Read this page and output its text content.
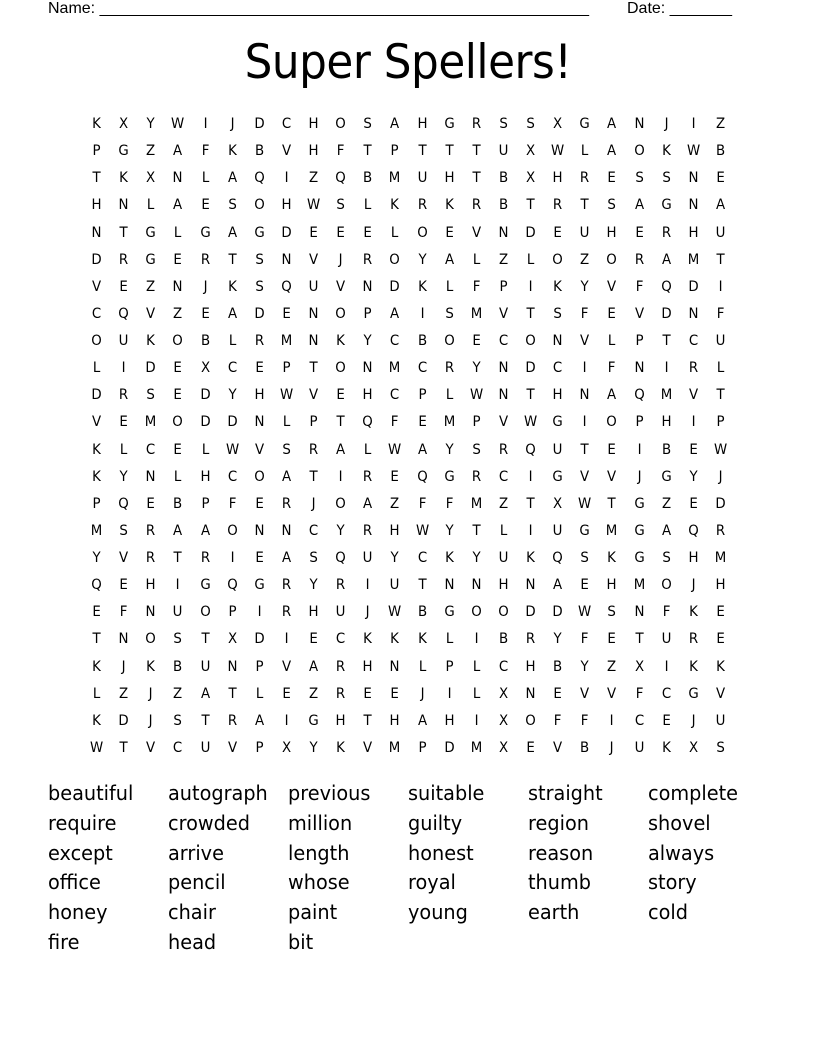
Name: _______________________________________________________

Date: _______

Super Spellers!
K	X	Y	W	I	J	D	C	H	O	S	A	H	G	R	S	S	X	G	A	N	J	I	Z
P	G	Z	A	F	K	B	V	H	F	T	P	T	T	T	U	X	W	L	A	O	K	W	B
T	K	X	N	L	A	Q	I	Z	Q	B	M	U	H	T	B	X	H	R	E	S	S	N	E
H	N	L	A	E	S	O	H	W	S	L	K	R	K	R	B	T	R	T	S	A	G	N	A
N	T	G	L	G	A	G	D	E	E	E	L	O	E	V	N	D	E	U	H	E	R	H	U
D	R	G	E	R	T	S	N	V	J	R	O	Y	A	L	Z	L	O	Z	O	R	A	M	T
V	E	Z	N	J	K	S	Q	U	V	N	D	K	L	F	P	I	K	Y	V	F	Q	D	I
C	Q	V	Z	E	A	D	E	N	O	P	A	I	S	M	V	T	S	F	E	V	D	N	F
O	U	K	O	B	L	R	M	N	K	Y	C	B	O	E	C	O	N	V	L	P	T	C	U
L	I	D	E	X	C	E	P	T	O	N	M	C	R	Y	N	D	C	I	F	N	I	R	L
D	R	S	E	D	Y	H	W	V	E	H	C	P	L	W	N	T	H	N	A	Q	M	V	T
V	E	M	O	D	D	N	L	P	T	Q	F	E	M	P	V	W	G	I	O	P	H	I	P
K	L	C	E	L	W	V	S	R	A	L	W	A	Y	S	R	Q	U	T	E	I	B	E	W
K	Y	N	L	H	C	O	A	T	I	R	E	Q	G	R	C	I	G	V	V	J	G	Y	J
P	Q	E	B	P	F	E	R	J	O	A	Z	F	F	M	Z	T	X	W	T	G	Z	E	D
M	S	R	A	A	O	N	N	C	Y	R	H	W	Y	T	L	I	U	G	M	G	A	Q	R
Y	V	R	T	R	I	E	A	S	Q	U	Y	C	K	Y	U	K	Q	S	K	G	S	H	M
Q	E	H	I	G	Q	G	R	Y	R	I	U	T	N	N	H	N	A	E	H	M	O	J	H
E	F	N	U	O	P	I	R	H	U	J	W	B	G	O	O	D	D	W	S	N	F	K	E
T	N	O	S	T	X	D	I	E	C	K	K	K	L	I	B	R	Y	F	E	T	U	R	E
K	J	K	B	U	N	P	V	A	R	H	N	L	P	L	C	H	B	Y	Z	X	I	K	K
L	Z	J	Z	A	T	L	E	Z	R	E	E	J	I	L	X	N	E	V	V	F	C	G	V
K	D	J	S	T	R	A	I	G	H	T	H	A	H	I	X	O	F	F	I	C	E	J	U
W	T	V	C	U	V	P	X	Y	K	V	M	P	D	M	X	E	V	B	J	U	K	X	S
beautiful	autograph previous	suitable	straight	complete
require	crowded	million	guilty	region	shovel
except	arrive	length	honest	reason	always
office	pencil	whose	royal	thumb	story
honey	chair	paint	young	earth	cold
fire	head	bit
